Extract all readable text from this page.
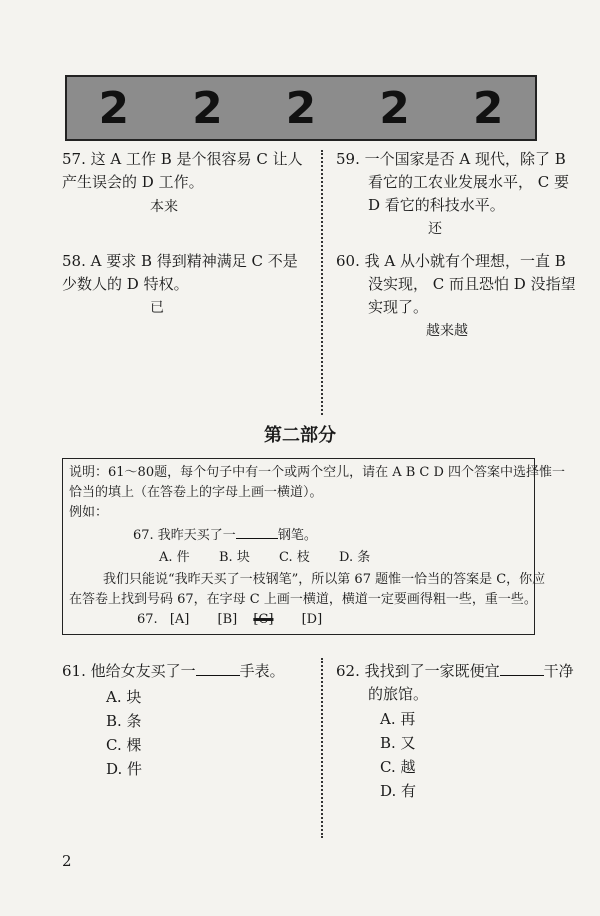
2 2 2 2 2
57. 这 A 工作 B 是个很容易 C 让人
产生误会的 D 工作。
本来
59. 一个国家是否 A 现代，除了 B
看它的工农业发展水平， C 要
D 看它的科技水平。
还
58. A 要求 B 得到精神满足 C 不是
少数人的 D 特权。
已
60. 我 A 从小就有个理想，一直 B
没实现， C 而且恐怕 D 没指望
实现了。
越来越
第二部分
说明：61～80题，每个句子中有一个或两个空儿，请在 A B C D 四个答案中选择惟一
恰当的填上（在答卷上的字母上画一横道）。
例如：
67. 我昨天买了一	钢笔。
A. 件 B. 块 C. 枝 D. 条
我们只能说“我昨天买了一枝钢笔”，所以第 67 题惟一恰当的答案是 C，你应
在答卷上找到号码 67，在字母 C 上画一横道，横道一定要画得粗一些，重一些。
67. [A] [B] [C] [D]
61. 他给女友买了一	手表。
A. 块
B. 条
C. 棵
D. 件
62. 我找到了一家既便宜	干净
的旅馆。
A. 再
B. 又
C. 越
D. 有
2
